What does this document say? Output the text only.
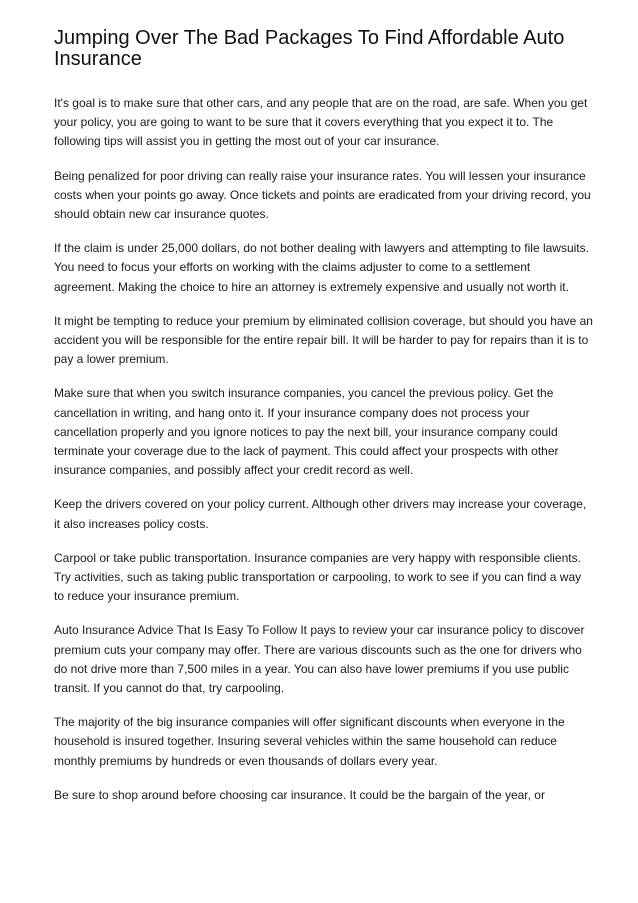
Jumping Over The Bad Packages To Find Affordable Auto Insurance

It's goal is to make sure that other cars, and any people that are on the road, are safe. When you get your policy, you are going to want to be sure that it covers everything that you expect it to. The following tips will assist you in getting the most out of your car insurance.

Being penalized for poor driving can really raise your insurance rates. You will lessen your insurance costs when your points go away. Once tickets and points are eradicated from your driving record, you should obtain new car insurance quotes.

If the claim is under 25,000 dollars, do not bother dealing with lawyers and attempting to file lawsuits. You need to focus your efforts on working with the claims adjuster to come to a settlement agreement. Making the choice to hire an attorney is extremely expensive and usually not worth it.

It might be tempting to reduce your premium by eliminated collision coverage, but should you have an accident you will be responsible for the entire repair bill. It will be harder to pay for repairs than it is to pay a lower premium.

Make sure that when you switch insurance companies, you cancel the previous policy. Get the cancellation in writing, and hang onto it. If your insurance company does not process your cancellation properly and you ignore notices to pay the next bill, your insurance company could terminate your coverage due to the lack of payment. This could affect your prospects with other insurance companies, and possibly affect your credit record as well.

Keep the drivers covered on your policy current. Although other drivers may increase your coverage, it also increases policy costs.

Carpool or take public transportation. Insurance companies are very happy with responsible clients. Try activities, such as taking public transportation or carpooling, to work to see if you can find a way to reduce your insurance premium.

Auto Insurance Advice That Is Easy To Follow It pays to review your car insurance policy to discover premium cuts your company may offer. There are various discounts such as the one for drivers who do not drive more than 7,500 miles in a year. You can also have lower premiums if you use public transit. If you cannot do that, try carpooling.

The majority of the big insurance companies will offer significant discounts when everyone in the household is insured together. Insuring several vehicles within the same household can reduce monthly premiums by hundreds or even thousands of dollars every year.

Be sure to shop around before choosing car insurance. It could be the bargain of the year, or
